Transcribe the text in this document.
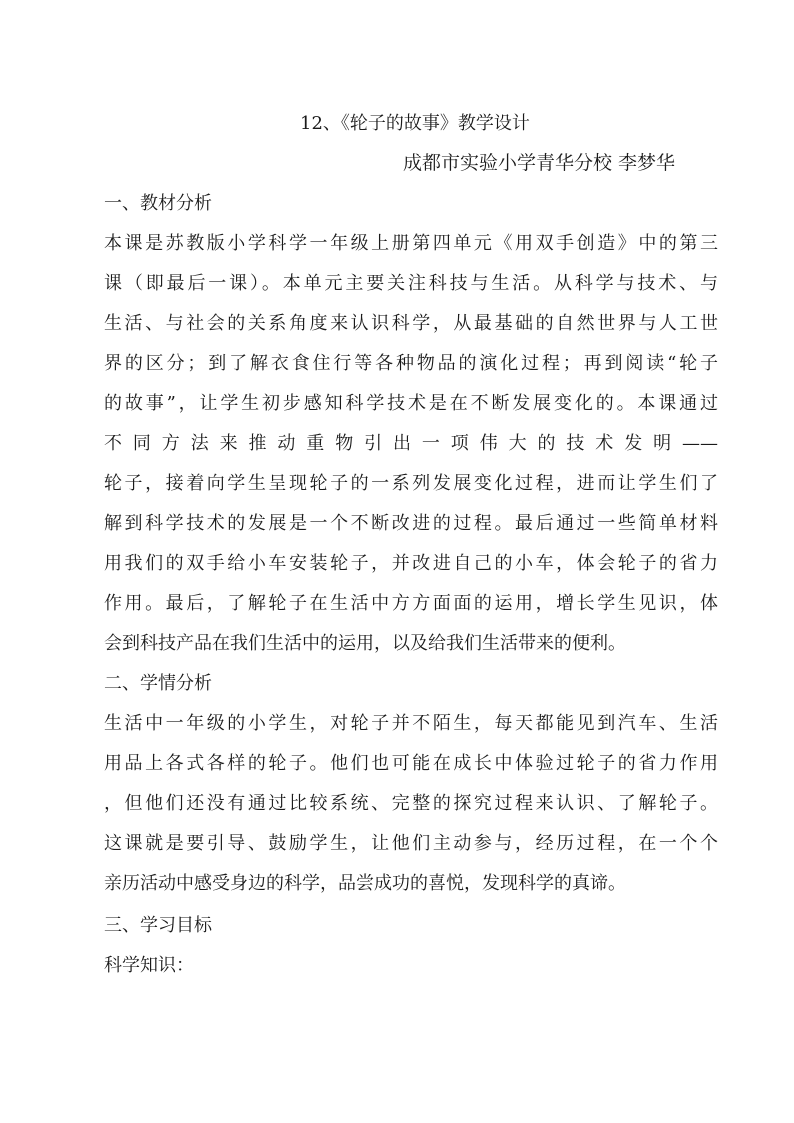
12、《轮子的故事》教学设计
成都市实验小学青华分校 李梦华
一、教材分析
本课是苏教版小学科学一年级上册第四单元《用双手创造》中的第三
课（即最后一课）。本单元主要关注科技与生活。从科学与技术、与
生活、与社会的关系角度来认识科学，从最基础的自然世界与人工世
界的区分；到了解衣食住行等各种物品的演化过程；再到阅读“轮子
的故事”，让学生初步感知科学技术是在不断发展变化的。本课通过
不同方法来推动重物引出一项伟大的技术发明——
轮子，接着向学生呈现轮子的一系列发展变化过程，进而让学生们了
解到科学技术的发展是一个不断改进的过程。最后通过一些简单材料
用我们的双手给小车安装轮子，并改进自己的小车，体会轮子的省力
作用。最后，了解轮子在生活中方方面面的运用，增长学生见识，体
会到科技产品在我们生活中的运用，以及给我们生活带来的便利。
二、学情分析
生活中一年级的小学生，对轮子并不陌生，每天都能见到汽车、生活
用品上各式各样的轮子。他们也可能在成长中体验过轮子的省力作用
，但他们还没有通过比较系统、完整的探究过程来认识、了解轮子。
这课就是要引导、鼓励学生，让他们主动参与，经历过程，在一个个
亲历活动中感受身边的科学，品尝成功的喜悦，发现科学的真谛。
三、学习目标
科学知识：
